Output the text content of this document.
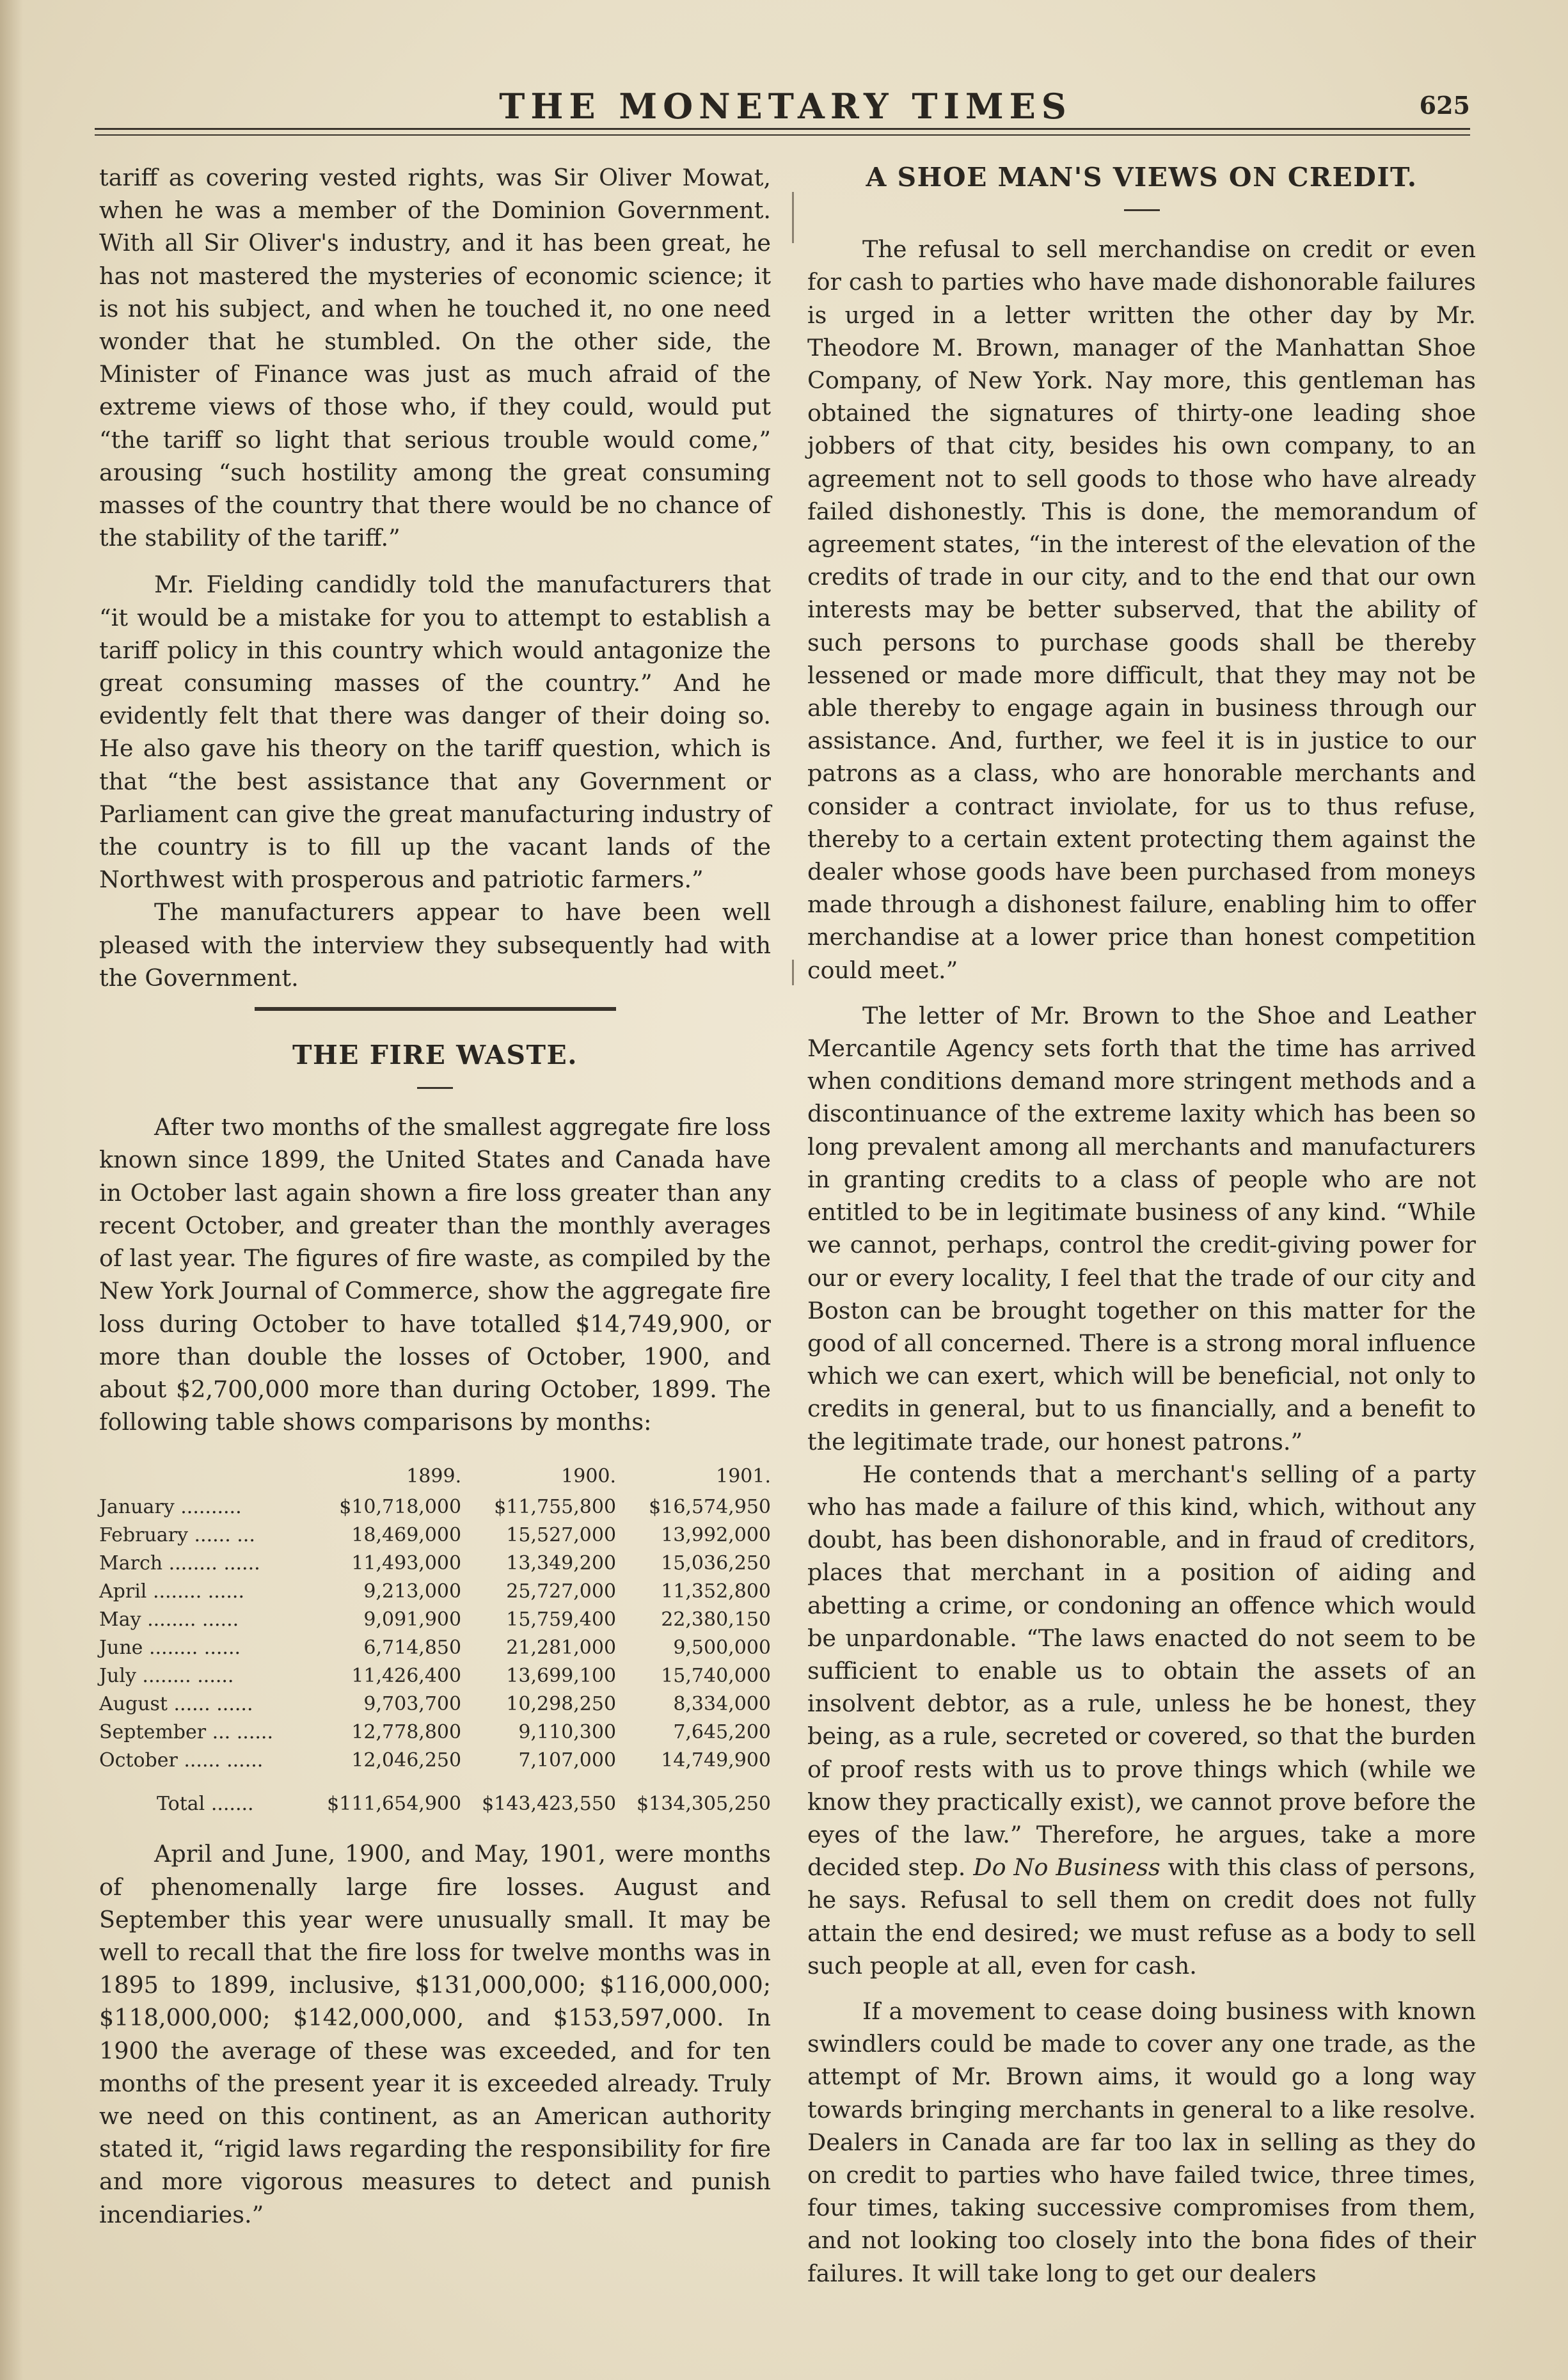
THE MONETARY TIMES	625

tariff as covering vested rights, was Sir Oliver Mowat, when he was a member of the Dominion Government. With all Sir Oliver's industry, and it has been great, he has not mastered the mysteries of economic science; it is not his subject, and when he touched it, no one need wonder that he stumbled. On the other side, the Minister of Finance was just as much afraid of the extreme views of those who, if they could, would put “the tariff so light that serious trouble would come,” arousing “such hostility among the great consuming masses of the country that there would be no chance of the stability of the tariff.”

Mr. Fielding candidly told the manufacturers that “it would be a mistake for you to attempt to establish a tariff policy in this country which would antagonize the great consuming masses of the country.” And he evidently felt that there was danger of their doing so. He also gave his theory on the tariff question, which is that “the best assistance that any Government or Parliament can give the great manufacturing industry of the country is to fill up the vacant lands of the Northwest with prosperous and patriotic farmers.”

The manufacturers appear to have been well pleased with the interview they subsequently had with the Government.

THE FIRE WASTE.

After two months of the smallest aggregate fire loss known since 1899, the United States and Canada have in October last again shown a fire loss greater than any recent October, and greater than the monthly averages of last year. The figures of fire waste, as compiled by the New York Journal of Commerce, show the aggregate fire loss during October to have totalled $14,749,900, or more than double the losses of October, 1900, and about $2,700,000 more than during October, 1899. The following table shows comparisons by months:

	1899.	1900.	1901.
January ..........	$10,718,000	$11,755,800	$16,574,950
February ...... ...	18,469,000	15,527,000	13,992,000
March ........ ......	11,493,000	13,349,200	15,036,250
April ........ ......	9,213,000	25,727,000	11,352,800
May ........ ......	9,091,900	15,759,400	22,380,150
June ........ ......	6,714,850	21,281,000	9,500,000
July ........ ......	11,426,400	13,699,100	15,740,000
August ...... ......	9,703,700	10,298,250	8,334,000
September ... ......	12,778,800	9,110,300	7,645,200
October ...... ......	12,046,250	7,107,000	14,749,900
Total .......	$111,654,900	$143,423,550	$134,305,250

April and June, 1900, and May, 1901, were months of phenomenally large fire losses. August and September this year were unusually small. It may be well to recall that the fire loss for twelve months was in 1895 to 1899, inclusive, $131,000,000; $116,000,000; $118,000,000; $142,000,000, and $153,597,000. In 1900 the average of these was exceeded, and for ten months of the present year it is exceeded already. Truly we need on this continent, as an American authority stated it, “rigid laws regarding the responsibility for fire and more vigorous measures to detect and punish incendiaries.”

A SHOE MAN'S VIEWS ON CREDIT.

The refusal to sell merchandise on credit or even for cash to parties who have made dishonorable failures is urged in a letter written the other day by Mr. Theodore M. Brown, manager of the Manhattan Shoe Company, of New York. Nay more, this gentleman has obtained the signatures of thirty-one leading shoe jobbers of that city, besides his own company, to an agreement not to sell goods to those who have already failed dishonestly. This is done, the memorandum of agreement states, “in the interest of the elevation of the credits of trade in our city, and to the end that our own interests may be better subserved, that the ability of such persons to purchase goods shall be thereby lessened or made more difficult, that they may not be able thereby to engage again in business through our assistance. And, further, we feel it is in justice to our patrons as a class, who are honorable merchants and consider a contract inviolate, for us to thus refuse, thereby to a certain extent protecting them against the dealer whose goods have been purchased from moneys made through a dishonest failure, enabling him to offer merchandise at a lower price than honest competition could meet.”

The letter of Mr. Brown to the Shoe and Leather Mercantile Agency sets forth that the time has arrived when conditions demand more stringent methods and a discontinuance of the extreme laxity which has been so long prevalent among all merchants and manufacturers in granting credits to a class of people who are not entitled to be in legitimate business of any kind. “While we cannot, perhaps, control the credit-giving power for our or every locality, I feel that the trade of our city and Boston can be brought together on this matter for the good of all concerned. There is a strong moral influence which we can exert, which will be beneficial, not only to credits in general, but to us financially, and a benefit to the legitimate trade, our honest patrons.”

He contends that a merchant's selling of a party who has made a failure of this kind, which, without any doubt, has been dishonorable, and in fraud of creditors, places that merchant in a position of aiding and abetting a crime, or condoning an offence which would be unpardonable. “The laws enacted do not seem to be sufficient to enable us to obtain the assets of an insolvent debtor, as a rule, unless he be honest, they being, as a rule, secreted or covered, so that the burden of proof rests with us to prove things which (while we know they practically exist), we cannot prove before the eyes of the law.” Therefore, he argues, take a more decided step. Do No Business with this class of persons, he says. Refusal to sell them on credit does not fully attain the end desired; we must refuse as a body to sell such people at all, even for cash.

If a movement to cease doing business with known swindlers could be made to cover any one trade, as the attempt of Mr. Brown aims, it would go a long way towards bringing merchants in general to a like resolve. Dealers in Canada are far too lax in selling as they do on credit to parties who have failed twice, three times, four times, taking successive compromises from them, and not looking too closely into the bona fides of their failures. It will take long to get our dealers
